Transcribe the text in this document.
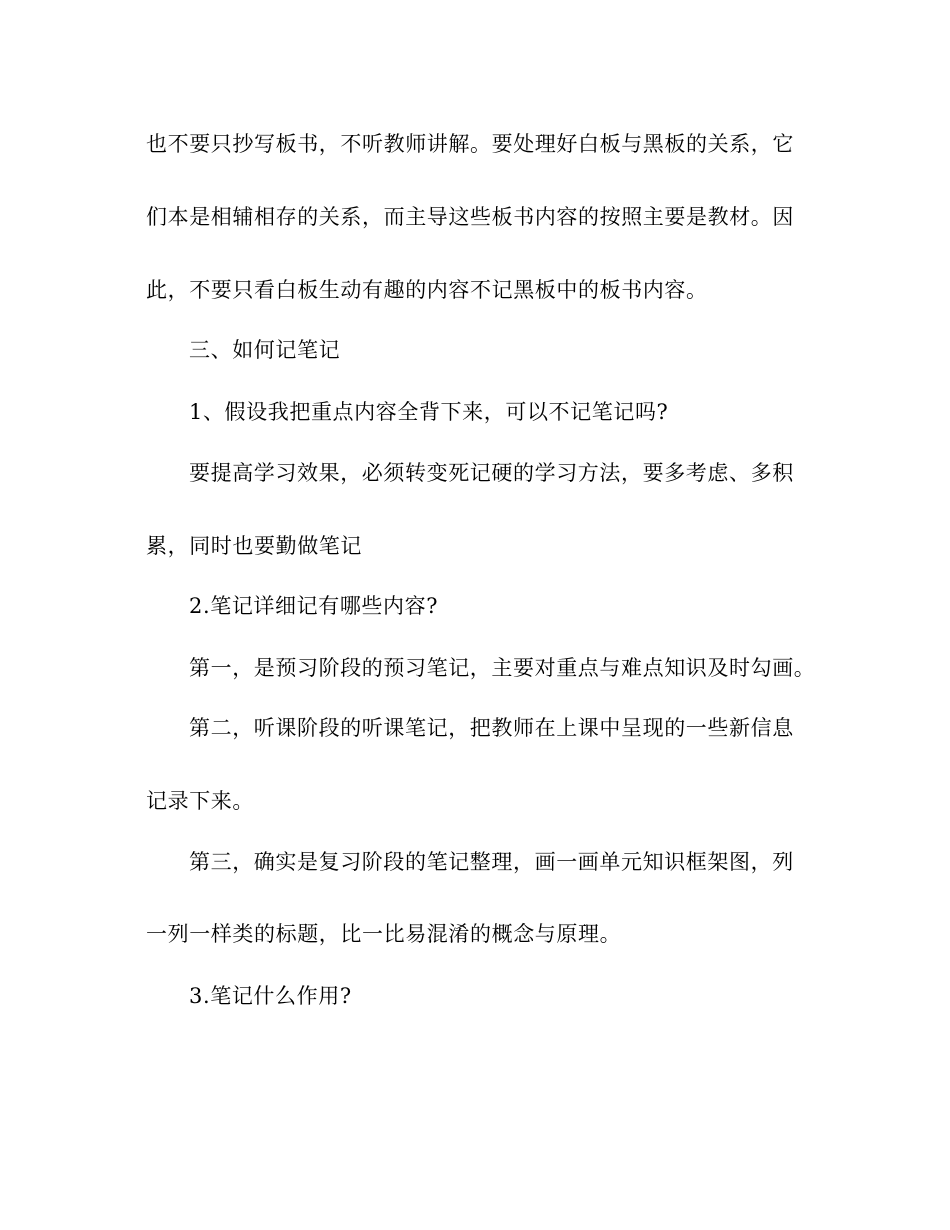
也不要只抄写板书，不听教师讲解。要处理好白板与黑板的关系，它
们本是相辅相存的关系，而主导这些板书内容的按照主要是教材。因
此，不要只看白板生动有趣的内容不记黑板中的板书内容。
三、如何记笔记
1、假设我把重点内容全背下来，可以不记笔记吗?
要提高学习效果，必须转变死记硬的学习方法，要多考虑、多积
累，同时也要勤做笔记
2.笔记详细记有哪些内容?
第一，是预习阶段的预习笔记，主要对重点与难点知识及时勾画。
第二，听课阶段的听课笔记，把教师在上课中呈现的一些新信息
记录下来。
第三，确实是复习阶段的笔记整理，画一画单元知识框架图，列
一列一样类的标题，比一比易混淆的概念与原理。
3.笔记什么作用?
